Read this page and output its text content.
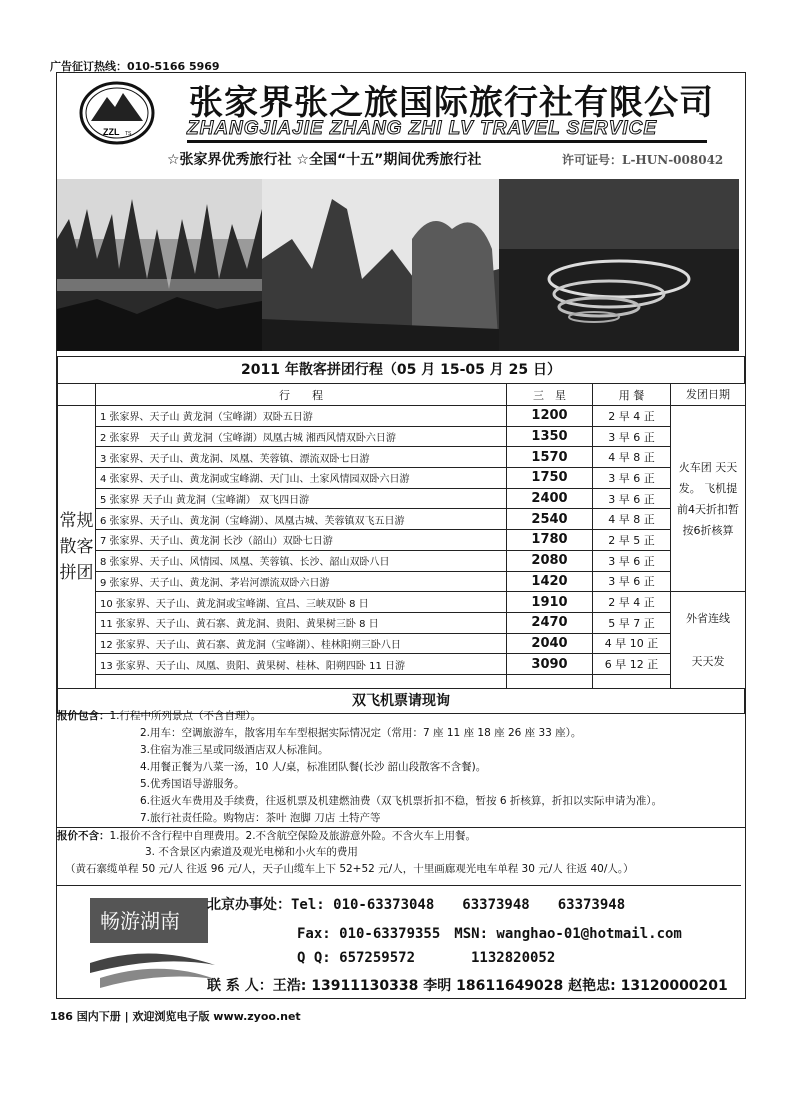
广告征订热线：010-5166 5969
ZZL TS
张家界张之旅国际旅行社有限公司
ZHANGJIAJIE ZHANG ZHI LV TRAVEL SERVICE
☆张家界优秀旅行社 ☆全国“十五”期间优秀旅行社	许可证号：L-HUN-008042
2011 年散客拼团行程（05 月 15-05 月 25 日）
	行　　程	三　星	用 餐	发团日期
常规散客拼团	1 张家界、天子山 黄龙洞（宝峰湖）双卧五日游	1200	2 早 4 正	火车团 天天发。 飞机提前4天折扣暂按6折核算
	2 张家界　天子山 黄龙洞（宝峰湖）凤凰古城 湘西风情双卧六日游	1350	3 早 6 正	
	3 张家界、天子山、黄龙洞、凤凰、芙蓉镇、漂流双卧七日游	1570	4 早 8 正	
	4 张家界、天子山、黄龙洞或宝峰湖、天门山、土家风情园双卧六日游	1750	3 早 6 正	
	5 张家界 天子山 黄龙洞（宝峰湖） 双飞四日游	2400	3 早 6 正	
	6 张家界、天子山、黄龙洞（宝峰湖）、凤凰古城、芙蓉镇双飞五日游	2540	4 早 8 正	
	7 张家界、天子山、黄龙洞 长沙（韶山）双卧七日游	1780	2 早 5 正	
	8 张家界、天子山、风情园、凤凰、芙蓉镇、长沙、韶山双卧八日	2080	3 早 6 正	
	9 张家界、天子山、黄龙洞、茅岩河漂流双卧六日游	1420	3 早 6 正	
	10 张家界、天子山、黄龙洞或宝峰湖、宜昌、三峡双卧 8 日	1910	2 早 4 正	外省连线
天天发

	11 张家界、天子山、黄石寨、黄龙洞、贵阳、黄果树三卧 8 日	2470	5 早 7 正	
	12 张家界、天子山、黄石寨、黄龙洞（宝峰湖）、桂林阳朔三卧八日	2040	4 早 10 正	
	13 张家界、天子山、凤凰、贵阳、黄果树、桂林、阳朔四卧 11 日游	3090	6 早 12 正	

双飞机票请现询
报价包含：1.行程中所列景点（不含自理）。
2.用车：空调旅游车，散客用车车型根据实际情况定（常用：7 座 11 座 18 座 26 座 33 座）。
3.住宿为准三星或同级酒店双人标准间。
4.用餐正餐为八菜一汤，10 人/桌，标准团队餐(长沙 韶山段散客不含餐)。
5.优秀国语导游服务。
6.往返火车费用及手续费，往返机票及机建燃油费（双飞机票折扣不稳，暂按 6 折核算，折扣以实际申请为准）。
7.旅行社责任险。购物店：茶叶 泡脚 刀店 土特产等
报价不含：1.报价不含行程中自理费用。2.不含航空保险及旅游意外险。不含火车上用餐。
3. 不含景区内索道及观光电梯和小火车的费用
（黄石寨缆单程 50 元/人 往返 96 元/人，天子山缆车上下 52+52 元/人，十里画廊观光电车单程 30 元/人 往返 40/人。）
畅游湖南
北京办事处：Tel: 010-63373048　　63373948　　63373948
Fax: 010-63379355　MSN: wanghao-01@hotmail.com
Q Q: 657259572　　　　1132820052
联 系 人：王浩: 13911130338 李明 18611649028 赵艳忠: 13120000201
186 国内下册 | 欢迎浏览电子版 www.zyoo.net
